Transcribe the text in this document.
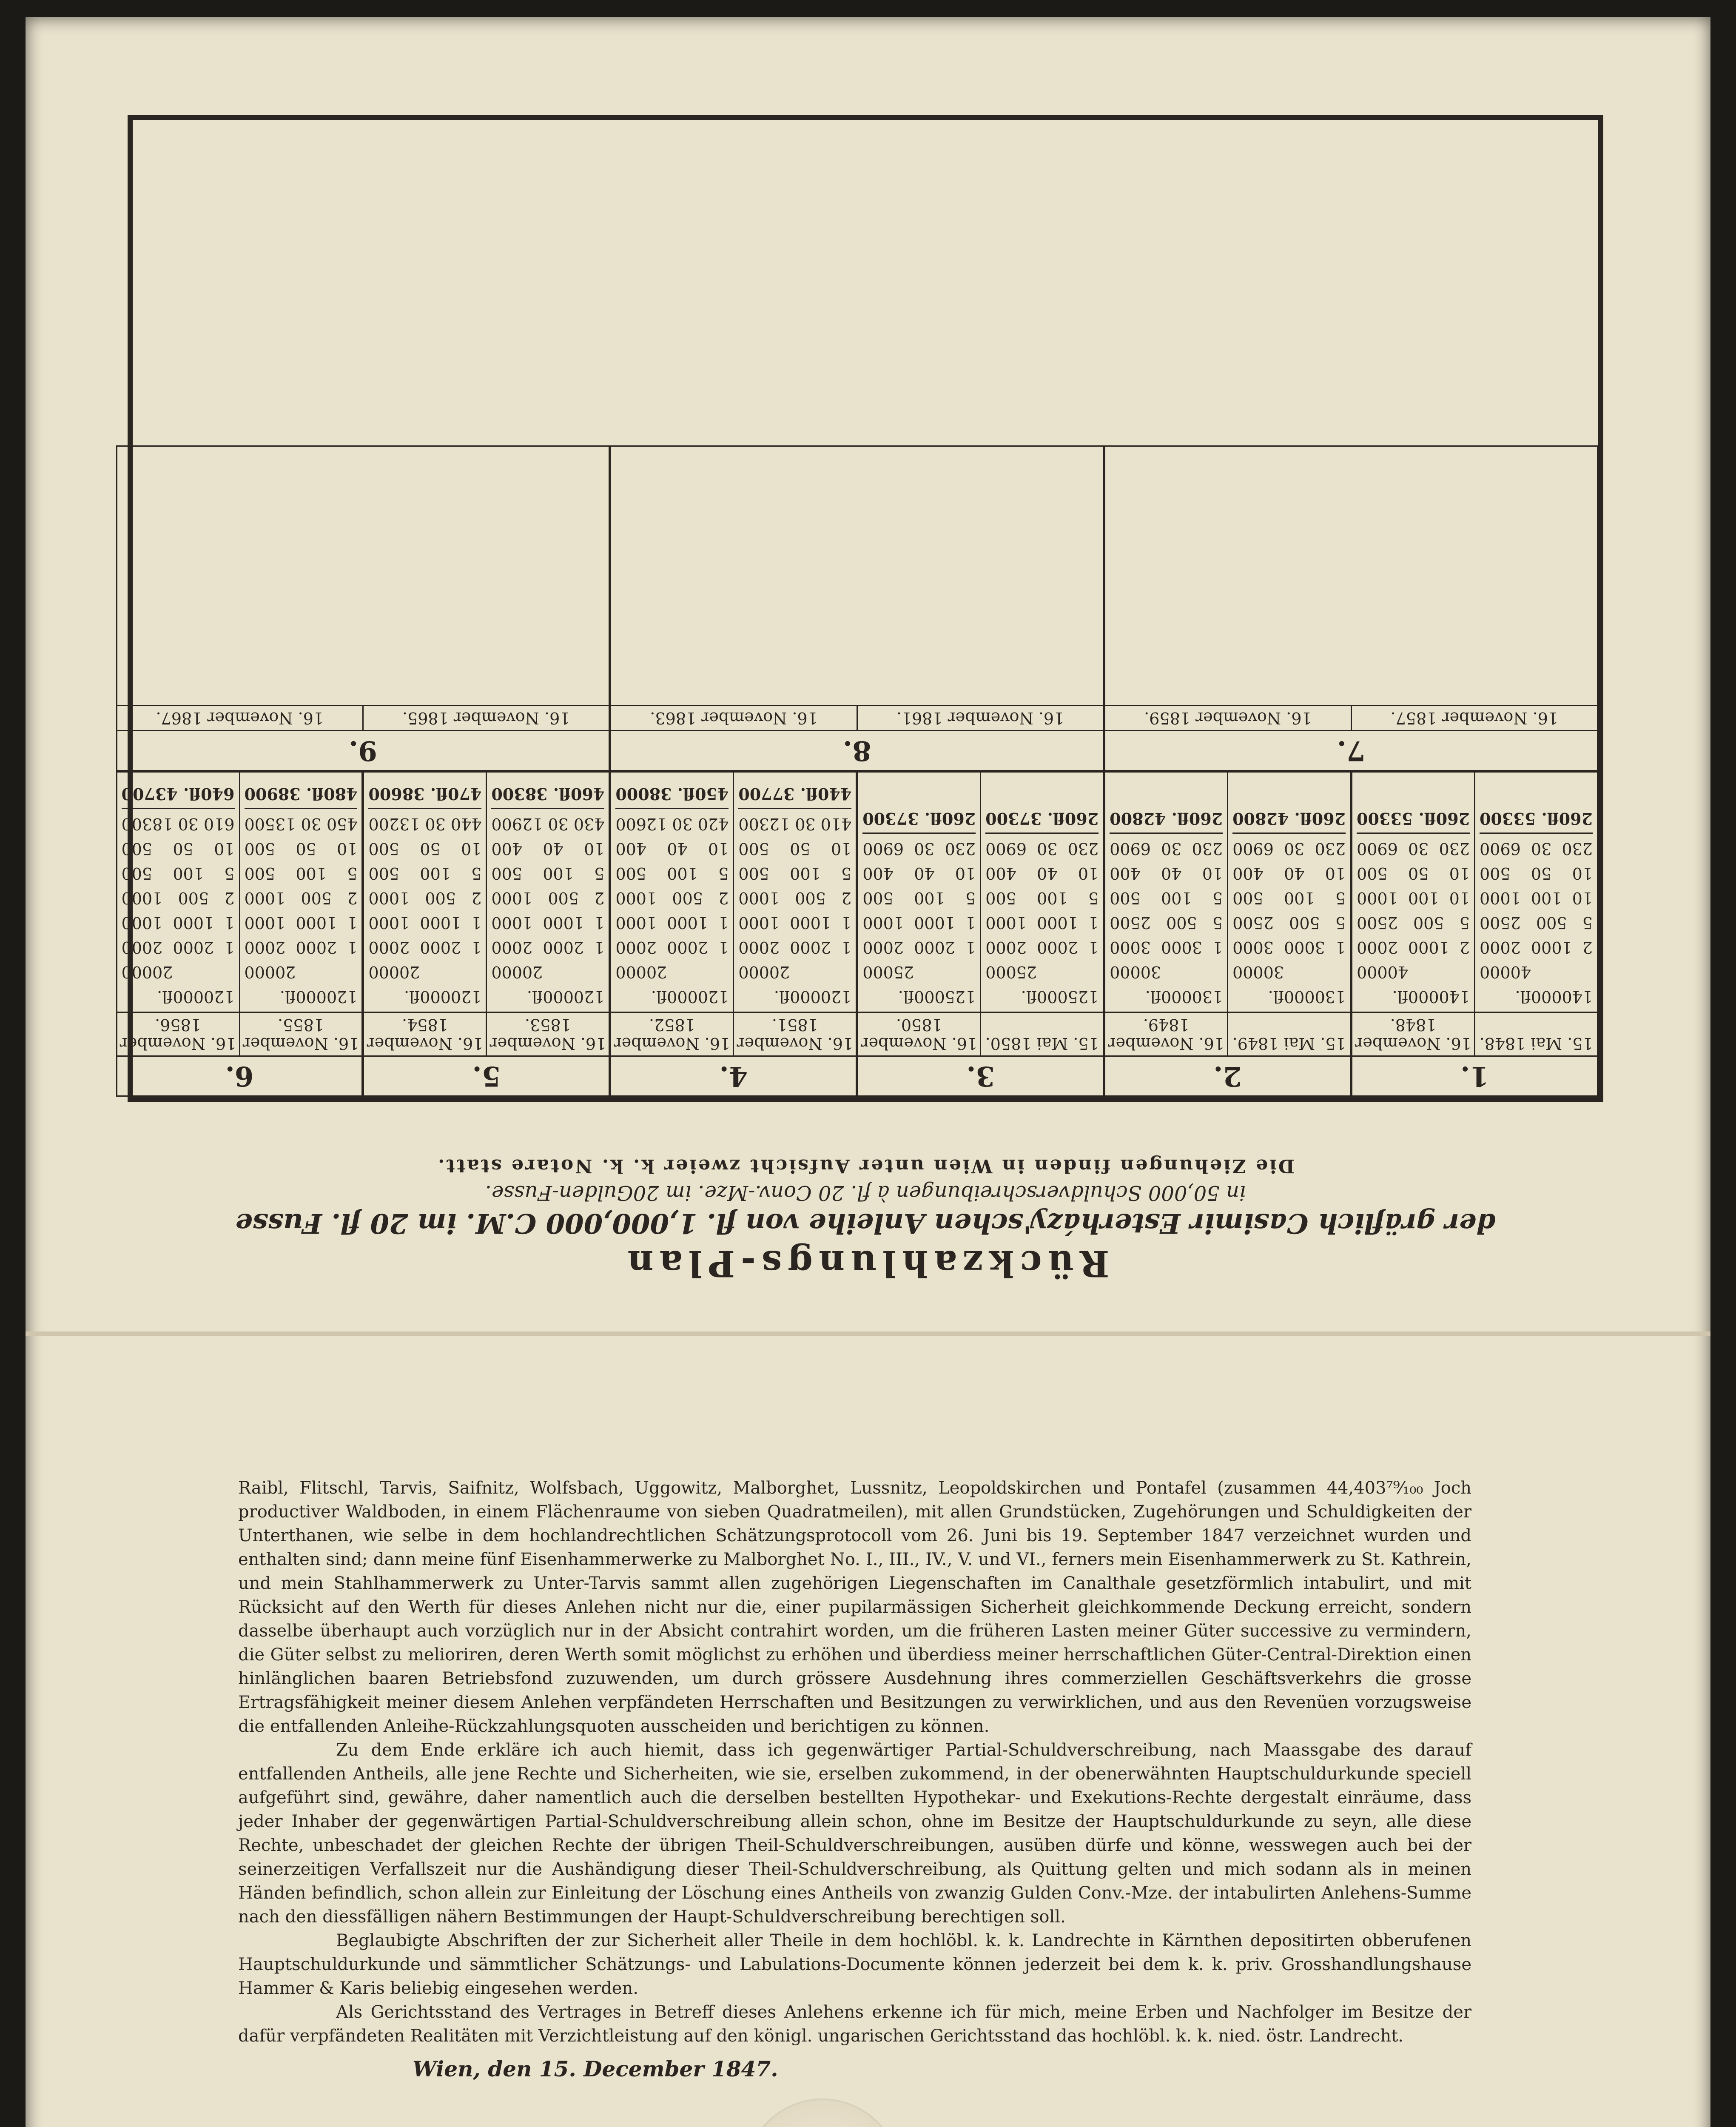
Rückzahlungs-Plan

der gräflich Casimir Esterházy'schen Anleihe von fl. 1,000,000 C.M. im 20 fl. Fusse

in 50,000 Schuldverschreibungen à fl. 20 Conv.-Mze. im 20Gulden-Fusse.

Die Ziehungen finden in Wien unter Aufsicht zweier k. k. Notare statt.

1.
15. Mai 1848.
16. November 1848.
1
40000
fl. 40000
2
1000
2000
5
500
2500
10
100
1000
10
50
500
230
30
6900
260
fl. 53300
1
40000
fl. 40000
2
1000
2000
5
500
2500
10
100
1000
10
50
500
230
30
6900
260
fl. 53300
2.
15. Mai 1849.
16. November 1849.
1
30000
fl. 30000
1
3000
3000
5
500
2500
5
100
500
10
40
400
230
30
6900
260
fl. 42800
1
30000
fl. 30000
1
3000
3000
5
500
2500
5
100
500
10
40
400
230
30
6900
260
fl. 42800
3.
15. Mai 1850.
16. November 1850.
1
25000
fl. 25000
1
2000
2000
1
1000
1000
5
100
500
10
40
400
230
30
6900
260
fl. 37300
1
25000
fl. 25000
1
2000
2000
1
1000
1000
5
100
500
10
40
400
230
30
6900
260
fl. 37300
4.
16. November 1851.
16. November 1852.
1
20000
fl. 20000
1
2000
2000
1
1000
1000
2
500
1000
5
100
500
10
50
500
410
30
12300
440
fl. 37700
1
20000
fl. 20000
1
2000
2000
1
1000
1000
2
500
1000
5
100
500
10
40
400
420
30
12600
450
fl. 38000
5.
16. November 1853.
16. November 1854.
1
20000
fl. 20000
1
2000
2000
1
1000
1000
2
500
1000
5
100
500
10
40
400
430
30
12900
460
fl. 38300
1
20000
fl. 20000
1
2000
2000
1
1000
1000
2
500
1000
5
100
500
10
50
500
440
30
13200
470
fl. 38600
6.
16. November 1855.
16. November 1856.
1
20000
fl. 20000
1
2000
2000
1
1000
1000
2
500
1000
5
100
500
10
50
500
450
30
13500
480
fl. 38900
1
20000
fl. 20000
1
2000
2000
1
1000
1000
2
500
1000
5
100
500
10
50
500
610
30
18300
640
fl. 43700
7.
16. November 1857.
16. November 1859.
8.
16. November 1861.
16. November 1863.
9.
16. November 1865.
16. November 1867.

Raibl, Flitschl, Tarvis, Saifnitz, Wolfsbach, Uggowitz, Malborghet, Lussnitz, Leopoldskirchen und Pontafel (zusammen 44,403⁷⁹⁄₁₀₀ Joch productiver Waldboden, in einem Flächenraume von sieben Quadratmeilen), mit allen Grundstücken, Zugehörungen und Schuldigkeiten der Unterthanen, wie selbe in dem hochlandrechtlichen Schätzungsprotocoll vom 26. Juni bis 19. September 1847 verzeichnet wurden und enthalten sind; dann meine fünf Eisenhammerwerke zu Malborghet No. I., III., IV., V. und VI., ferners mein Eisenhammerwerk zu St. Kathrein, und mein Stahlhammerwerk zu Unter-Tarvis sammt allen zugehörigen Liegenschaften im Canalthale gesetzförmlich intabulirt, und mit Rücksicht auf den Werth für dieses Anlehen nicht nur die, einer pupilarmässigen Sicherheit gleichkommende Deckung erreicht, sondern dasselbe überhaupt auch vorzüglich nur in der Absicht contrahirt worden, um die früheren Lasten meiner Güter successive zu vermindern, die Güter selbst zu melioriren, deren Werth somit möglichst zu erhöhen und überdiess meiner herrschaftlichen Güter-Central-Direktion einen hinlänglichen baaren Betriebsfond zuzuwenden, um durch grössere Ausdehnung ihres commerziellen Geschäftsverkehrs die grosse Ertragsfähigkeit meiner diesem Anlehen verpfändeten Herrschaften und Besitzungen zu verwirklichen, und aus den Revenüen vorzugsweise die entfallenden Anleihe-Rückzahlungsquoten ausscheiden und berichtigen zu können.

Zu dem Ende erkläre ich auch hiemit, dass ich gegenwärtiger Partial-Schuldverschreibung, nach Maassgabe des darauf entfallenden Antheils, alle jene Rechte und Sicherheiten, wie sie, erselben zukommend, in der obenerwähnten Hauptschuldurkunde speciell aufgeführt sind, gewähre, daher namentlich auch die derselben bestellten Hypothekar- und Exekutions-Rechte dergestalt einräume, dass jeder Inhaber der gegenwärtigen Partial-Schuldverschreibung allein schon, ohne im Besitze der Hauptschuldurkunde zu seyn, alle diese Rechte, unbeschadet der gleichen Rechte der übrigen Theil-Schuldverschreibungen, ausüben dürfe und könne, wesswegen auch bei der seinerzeitigen Verfallszeit nur die Aushändigung dieser Theil-Schuldverschreibung, als Quittung gelten und mich sodann als in meinen Händen befindlich, schon allein zur Einleitung der Löschung eines Antheils von zwanzig Gulden Conv.-Mze. der intabulirten Anlehens-Summe nach den diessfälligen nähern Bestimmungen der Haupt-Schuldverschreibung berechtigen soll.

Beglaubigte Abschriften der zur Sicherheit aller Theile in dem hochlöbl. k. k. Landrechte in Kärnthen depositirten obberufenen Hauptschuldurkunde und sämmtlicher Schätzungs- und Labulations-Documente können jederzeit bei dem k. k. priv. Grosshandlungshause Hammer & Karis beliebig eingesehen werden.

Als Gerichtsstand des Vertrages in Betreff dieses Anlehens erkenne ich für mich, meine Erben und Nachfolger im Besitze der dafür verpfändeten Realitäten mit Verzichtleistung auf den königl. ungarischen Gerichtsstand das hochlöbl. k. k. nied. östr. Landrecht.

Wien, den 15. December 1847.
